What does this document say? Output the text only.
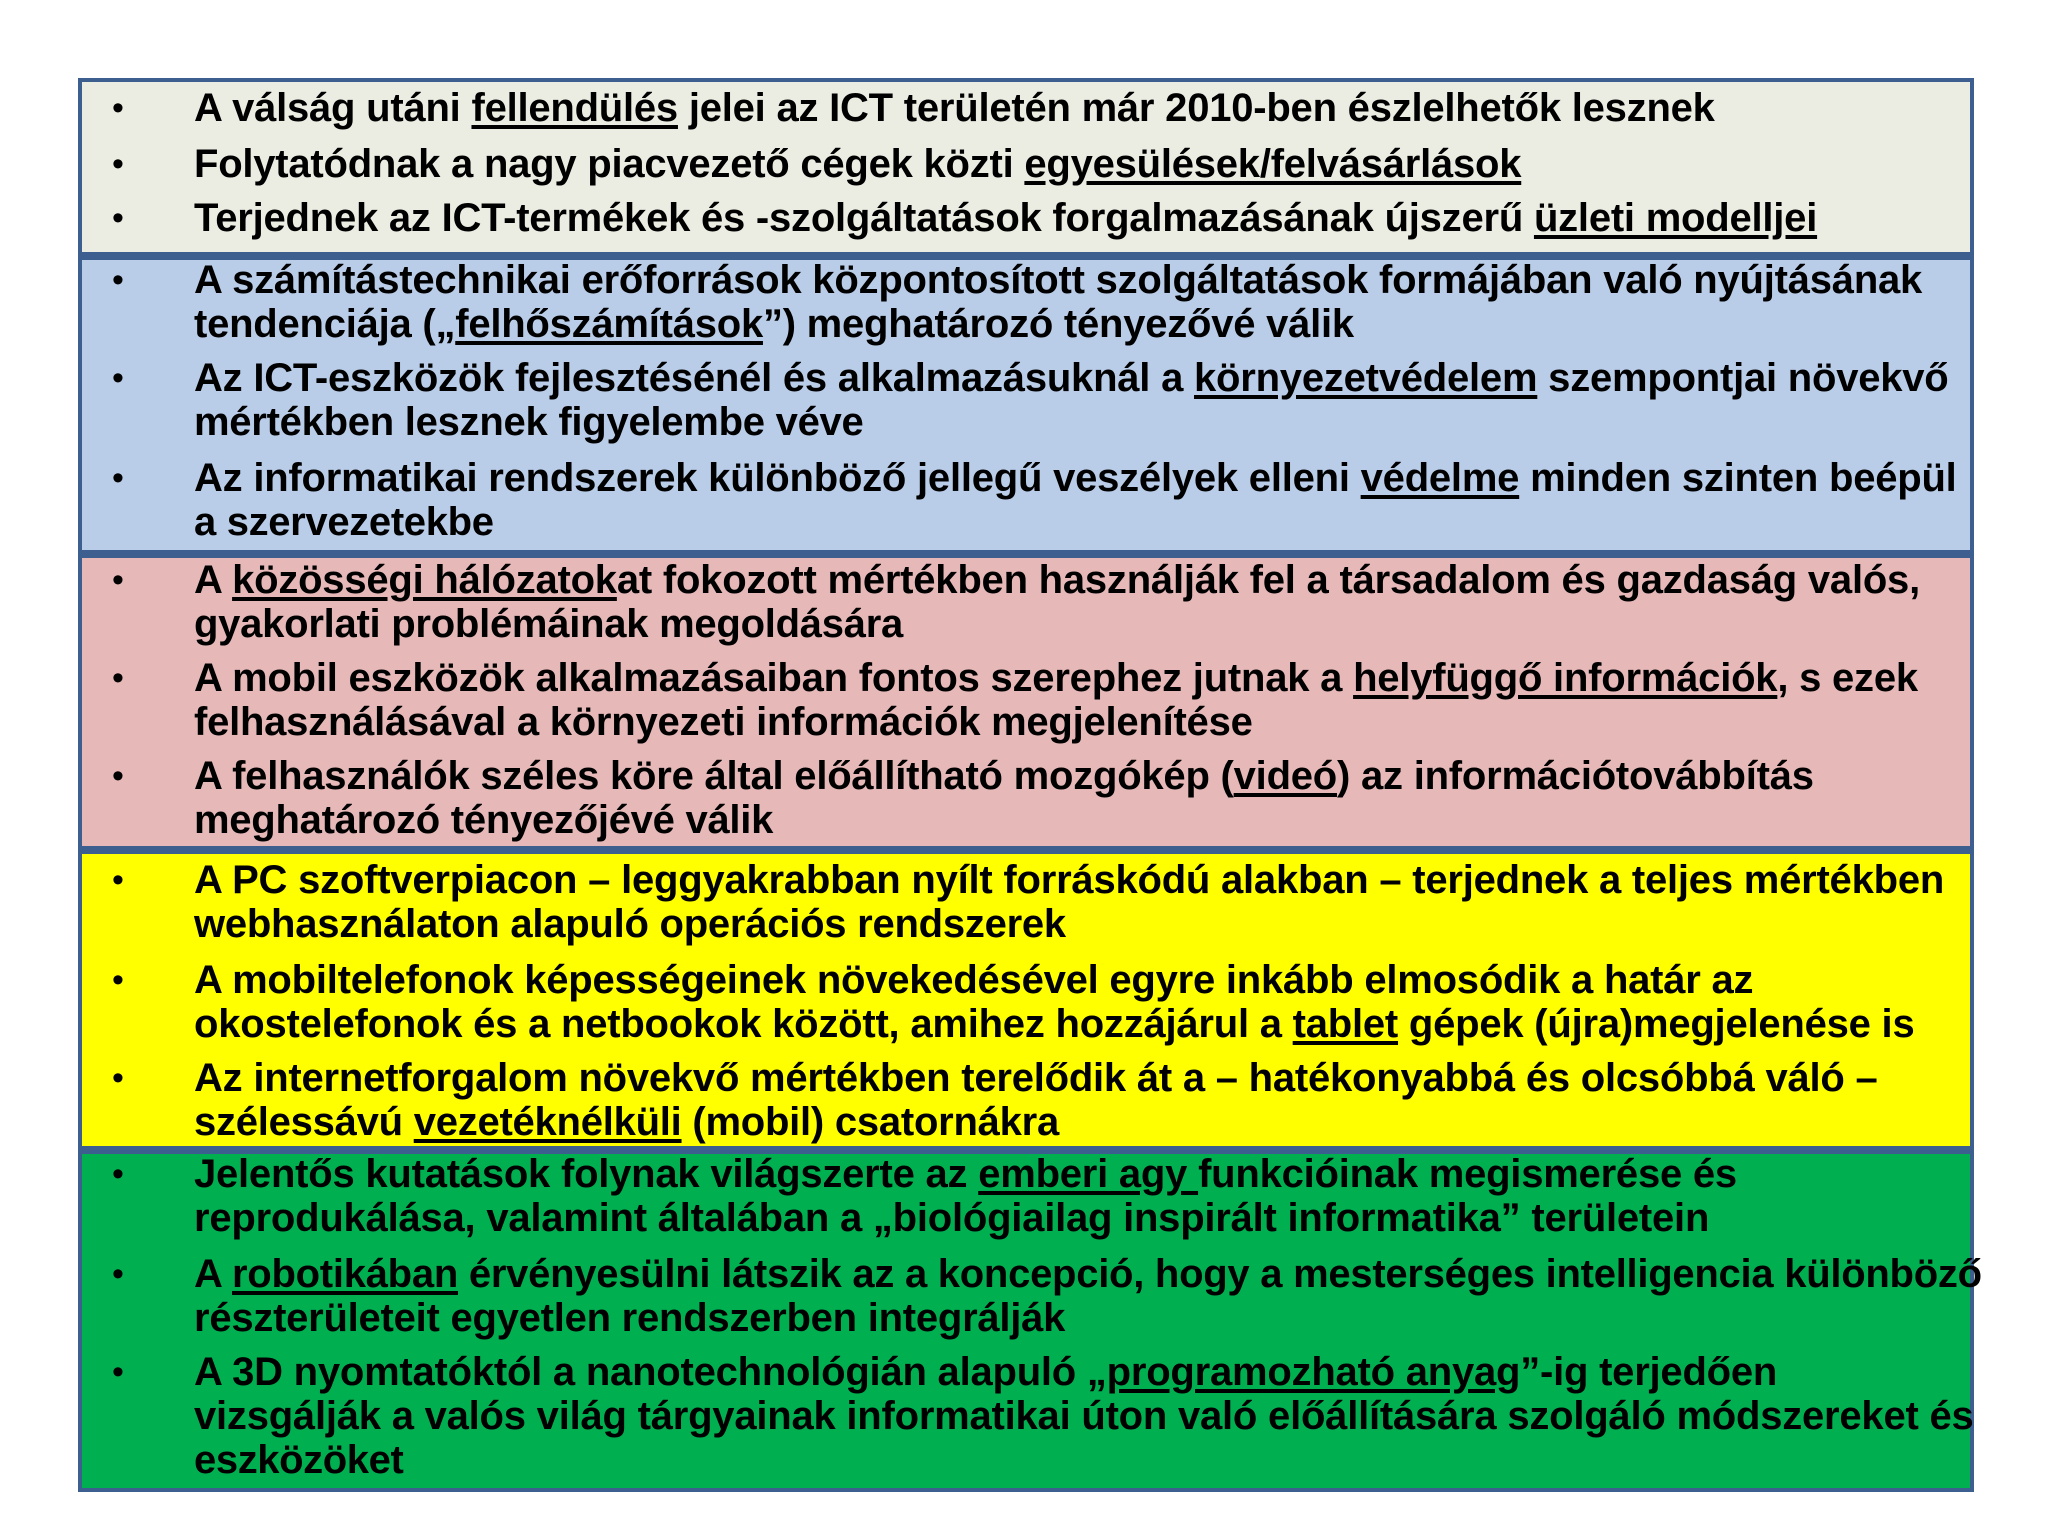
• A válság utáni fellendülés jelei az ICT területén már 2010-ben észlelhetők lesznek
• Folytatódnak a nagy piacvezető cégek közti egyesülések/felvásárlások
• Terjednek az ICT-termékek és -szolgáltatások forgalmazásának újszerű üzleti modelljei
• A számítástechnikai erőforrások központosított szolgáltatások formájában való nyújtásának
tendenciája („felhőszámítások”) meghatározó tényezővé válik
• Az ICT-eszközök fejlesztésénél és alkalmazásuknál a környezetvédelem szempontjai növekvő
mértékben lesznek figyelembe véve
• Az informatikai rendszerek különböző jellegű veszélyek elleni védelme minden szinten beépül
a szervezetekbe
• A közösségi hálózatokat fokozott mértékben használják fel a társadalom és gazdaság valós,
gyakorlati problémáinak megoldására
• A mobil eszközök alkalmazásaiban fontos szerephez jutnak a helyfüggő információk, s ezek
felhasználásával a környezeti információk megjelenítése
• A felhasználók széles köre által előállítható mozgókép (videó) az információtovábbítás
meghatározó tényezőjévé válik
• A PC szoftverpiacon – leggyakrabban nyílt forráskódú alakban – terjednek a teljes mértékben
webhasználaton alapuló operációs rendszerek
• A mobiltelefonok képességeinek növekedésével egyre inkább elmosódik a határ az
okostelefonok és a netbookok között, amihez hozzájárul a tablet gépek (újra)megjelenése is
• Az internetforgalom növekvő mértékben terelődik át a – hatékonyabbá és olcsóbbá váló –
szélessávú vezetéknélküli (mobil) csatornákra
• Jelentős kutatások folynak világszerte az emberi agy funkcióinak megismerése és
reprodukálása, valamint általában a „biológiailag inspirált informatika” területein
• A robotikában érvényesülni látszik az a koncepció, hogy a mesterséges intelligencia különböző
részterületeit egyetlen rendszerben integrálják
• A 3D nyomtatóktól a nanotechnológián alapuló „programozható anyag”-ig terjedően
vizsgálják a valós világ tárgyainak informatikai úton való előállítására szolgáló módszereket és
eszközöket
